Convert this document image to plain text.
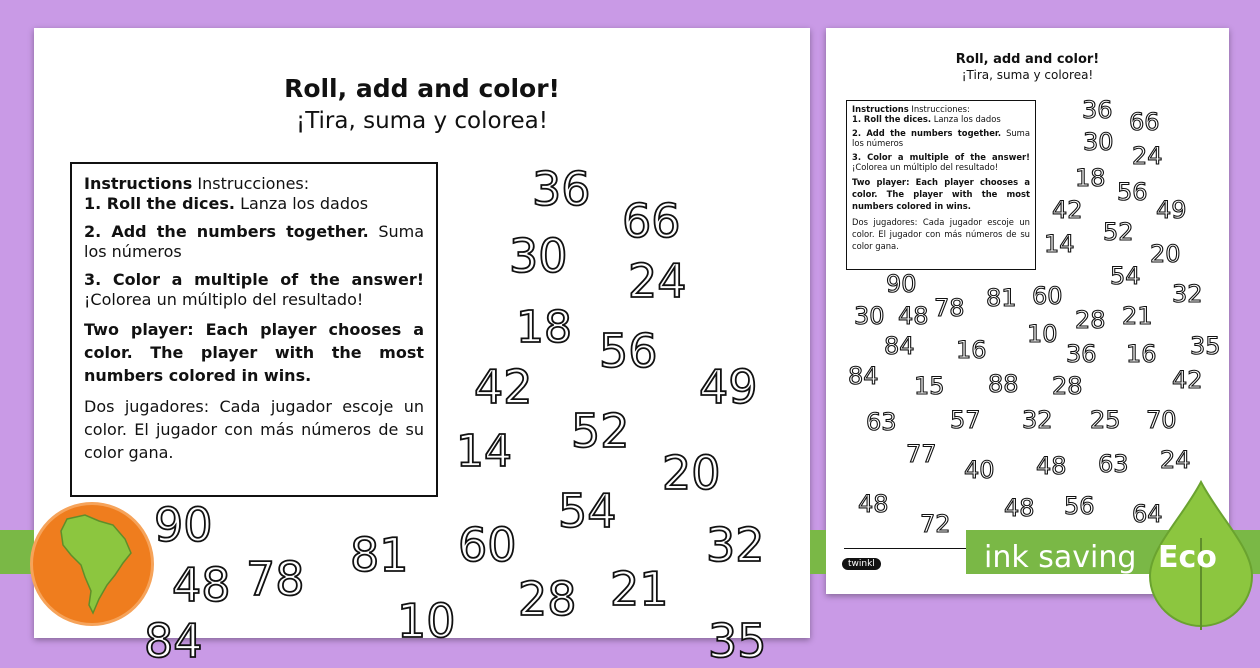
Roll, add and color!
¡Tira, suma y colorea!

Instructions Instrucciones:

1. Roll the dices. Lanza los dados

2. Add the numbers together. Suma los números

3. Color a multiple of the answer! ¡Colorea un múltiplo del resultado!

Two player: Each player chooses a color. The player with the most numbers colored in wins.

Dos jugadores: Cada jugador escoje un color. El jugador con más números de su color gana.

36
66
30 24
18 56
42	49
52
14	20
54
90	32
48 78 81 60
21
28
10
84	35
Roll, add and color!
¡Tira, suma y colorea!

Instructions Instrucciones:

1. Roll the dices. Lanza los dados

2. Add the numbers together. Suma los números

3. Color a multiple of the answer! ¡Colorea un múltiplo del resultado!

Two player: Each player chooses a color. The player with the most numbers colored in wins.

Dos jugadores: Cada jugador escoje un color. El jugador con más números de su color gana.

36 66
30 24
18 56
42	49
52
20
14
54
90	32
30 48 78 81 60
21
28
10
84 16	36 16 35
84 15 88 28	42
63 57 32 25 70
77
40 48 63 24
48
72
48 56 64
twinkl	ink saving Eco
